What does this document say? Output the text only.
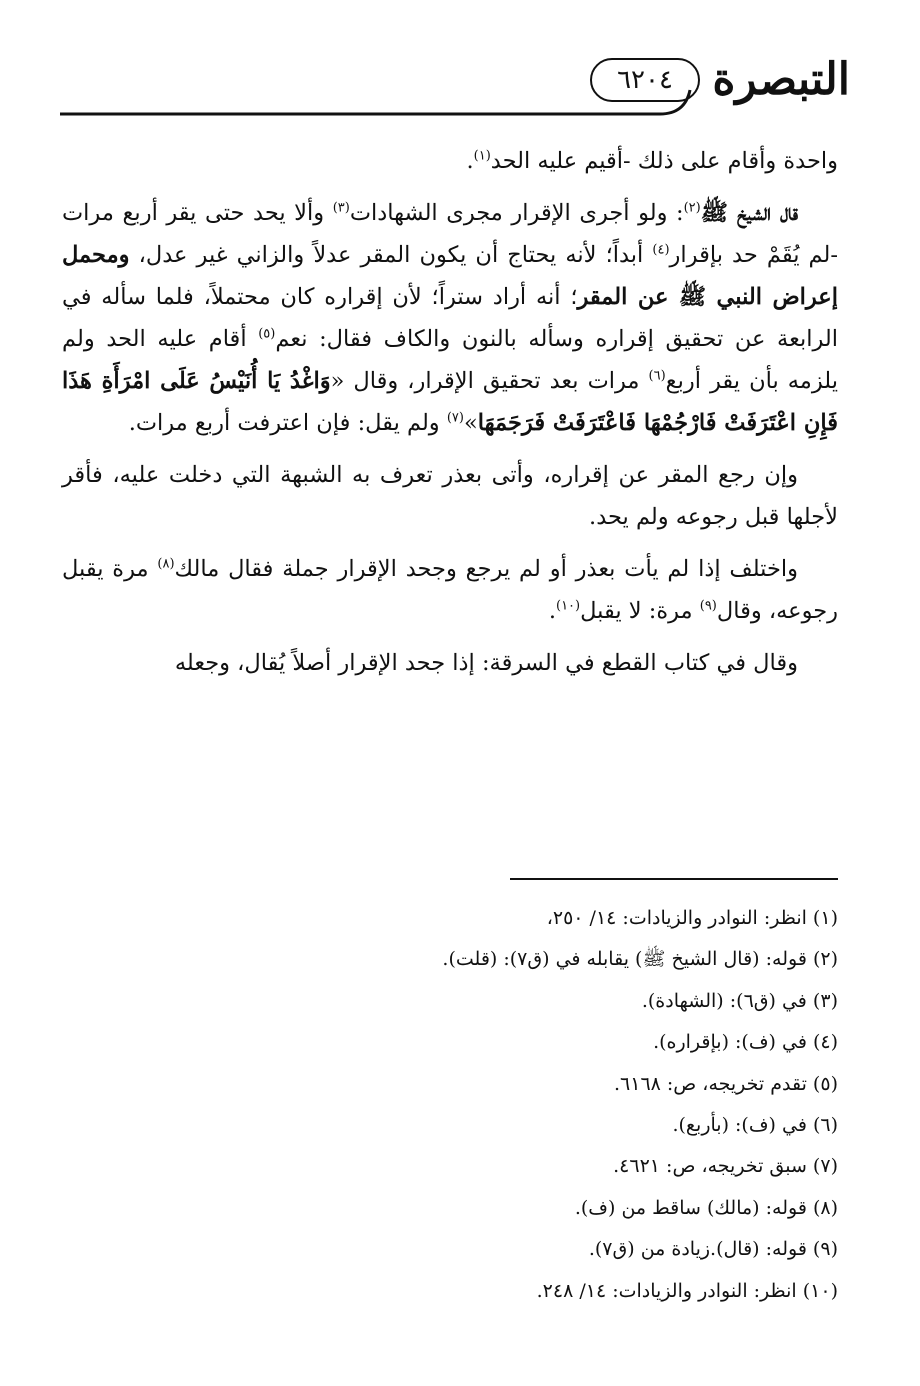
٦٢٠٤ التبصرة

واحدة وأقام على ذلك -أقيم عليه الحد$^{(١)}$.

قال الشيخ ﷺ$^{(٢)}$: ولو أجرى الإقرار مجرى الشهادات$^{(٣)}$ وألا يحد حتى يقر أربع مرات -لم يُقَمْ حد بإقرار$^{(٤)}$ أبداً؛ لأنه يحتاج أن يكون المقر عدلاً والزاني غير عدل، ومحمل إعراض النبي ﷺ عن المقر؛ أنه أراد ستراً؛ لأن إقراره كان محتملاً، فلما سأله في الرابعة عن تحقيق إقراره وسأله بالنون والكاف فقال: نعم$^{(٥)}$ أقام عليه الحد ولم يلزمه بأن يقر أربع$^{(٦)}$ مرات بعد تحقيق الإقرار، وقال «وَاغْدُ يَا أُنَيْسُ عَلَى امْرَأَةِ هَذَا فَإِنِ اعْتَرَفَتْ فَارْجُمْهَا فَاعْتَرَفَتْ فَرَجَمَهَا»$^{(٧)}$ ولم يقل: فإن اعترفت أربع مرات.

وإن رجع المقر عن إقراره، وأتى بعذر تعرف به الشبهة التي دخلت عليه، فأقر لأجلها قبل رجوعه ولم يحد.

واختلف إذا لم يأت بعذر أو لم يرجع وجحد الإقرار جملة فقال مالك$^{(٨)}$ مرة يقبل رجوعه، وقال$^{(٩)}$ مرة: لا يقبل$^{(١٠)}$.

وقال في كتاب القطع في السرقة: إذا جحد الإقرار أصلاً يُقال، وجعله

(١) انظر: النوادر والزيادات: ١٤/ ٢٥٠،
(٢) قوله: (قال الشيخ ﷺ) يقابله في (ق٧): (قلت).
(٣) في (ق٦): (الشهادة).
(٤) في (ف): (بإقراره).
(٥) تقدم تخريجه، ص: ٦١٦٨.
(٦) في (ف): (بأربع).
(٧) سبق تخريجه، ص: ٤٦٢١.
(٨) قوله: (مالك) ساقط من (ف).
(٩) قوله: (قال).زيادة من (ق٧).
(١٠) انظر: النوادر والزيادات: ١٤/ ٢٤٨.
